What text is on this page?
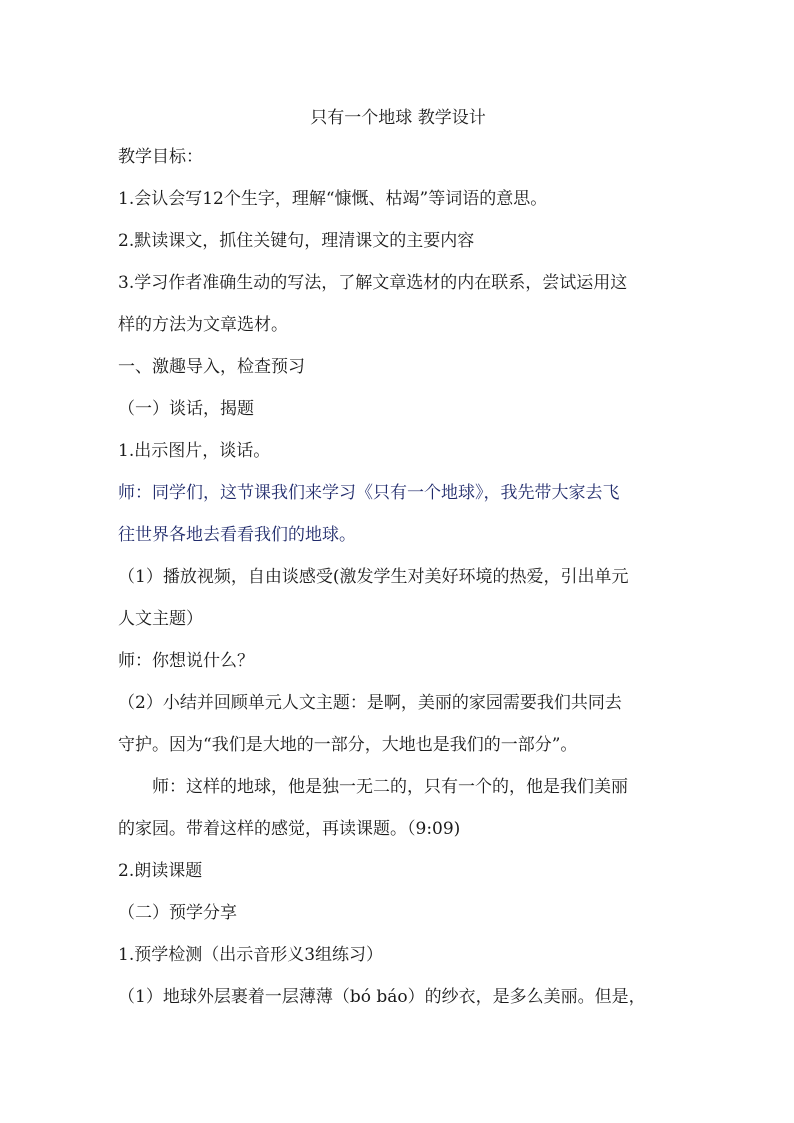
只有一个地球 教学设计

教学目标：

1.会认会写12个生字，理解“慷慨、枯竭”等词语的意思。

2.默读课文，抓住关键句，理清课文的主要内容

3.学习作者准确生动的写法，了解文章选材的内在联系，尝试运用这

样的方法为文章选材。

一、激趣导入，检查预习

（一）谈话，揭题

1.出示图片，谈话。

师：同学们，这节课我们来学习《只有一个地球》，我先带大家去飞

往世界各地去看看我们的地球。

（1）播放视频，自由谈感受(激发学生对美好环境的热爱，引出单元

人文主题）

师：你想说什么？

（2）小结并回顾单元人文主题：是啊，美丽的家园需要我们共同去

守护。因为“我们是大地的一部分，大地也是我们的一部分”。

师：这样的地球，他是独一无二的，只有一个的，他是我们美丽

的家园。带着这样的感觉，再读课题。（9:09)

2.朗读课题

（二）预学分享

1.预学检测（出示音形义3组练习）

（1）地球外层裹着一层薄薄（bó báo）的纱衣，是多么美丽。但是，
